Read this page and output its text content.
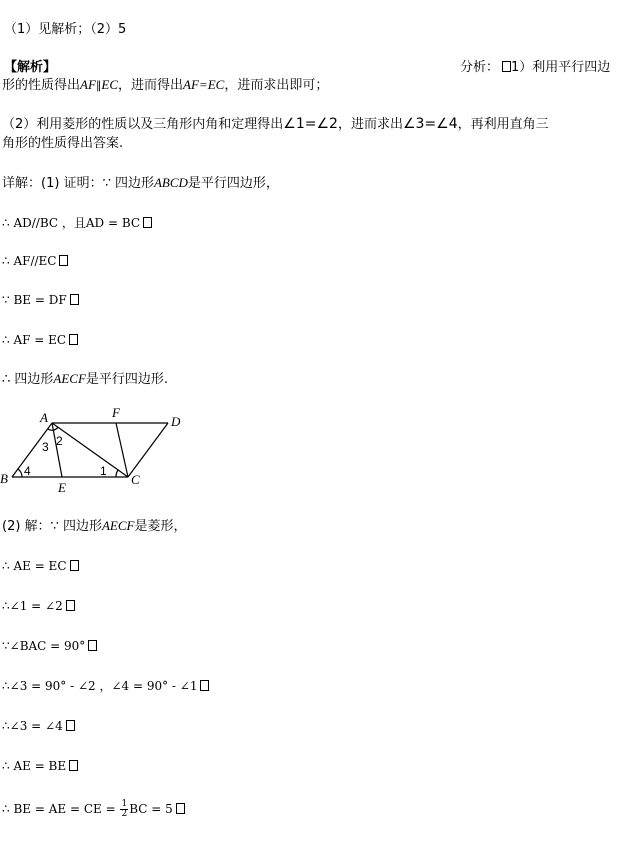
（1）见解析；（2）5
【解析】	分析： 1）利用平行四边
形的性质得出AF∥EC，进而得出AF=EC，进而求出即可；
（2）利用菱形的性质以及三角形内角和定理得出∠1=∠2，进而求出∠3=∠4，再利用直角三
角形的性质得出答案.
详解：(1) 证明：∵ 四边形ABCD是平行四边形，
∴ AD//BC ，且AD = BC
∴ AF//EC
∵ BE = DF
∴ AF = EC
∴ 四边形AECF是平行四边形.
A	F
D
B
E
C
2
3
4	1
(2) 解：∵ 四边形AECF是菱形，
∴ AE = EC
∴∠1 = ∠2
∵∠BAC = 90°
∴∠3 = 90° - ∠2 ，∠4 = 90° - ∠1
∴∠3 = ∠4
∴ AE = BE
∴ BE = AE = CE = $\frac{1}{2}$ BC = 5
